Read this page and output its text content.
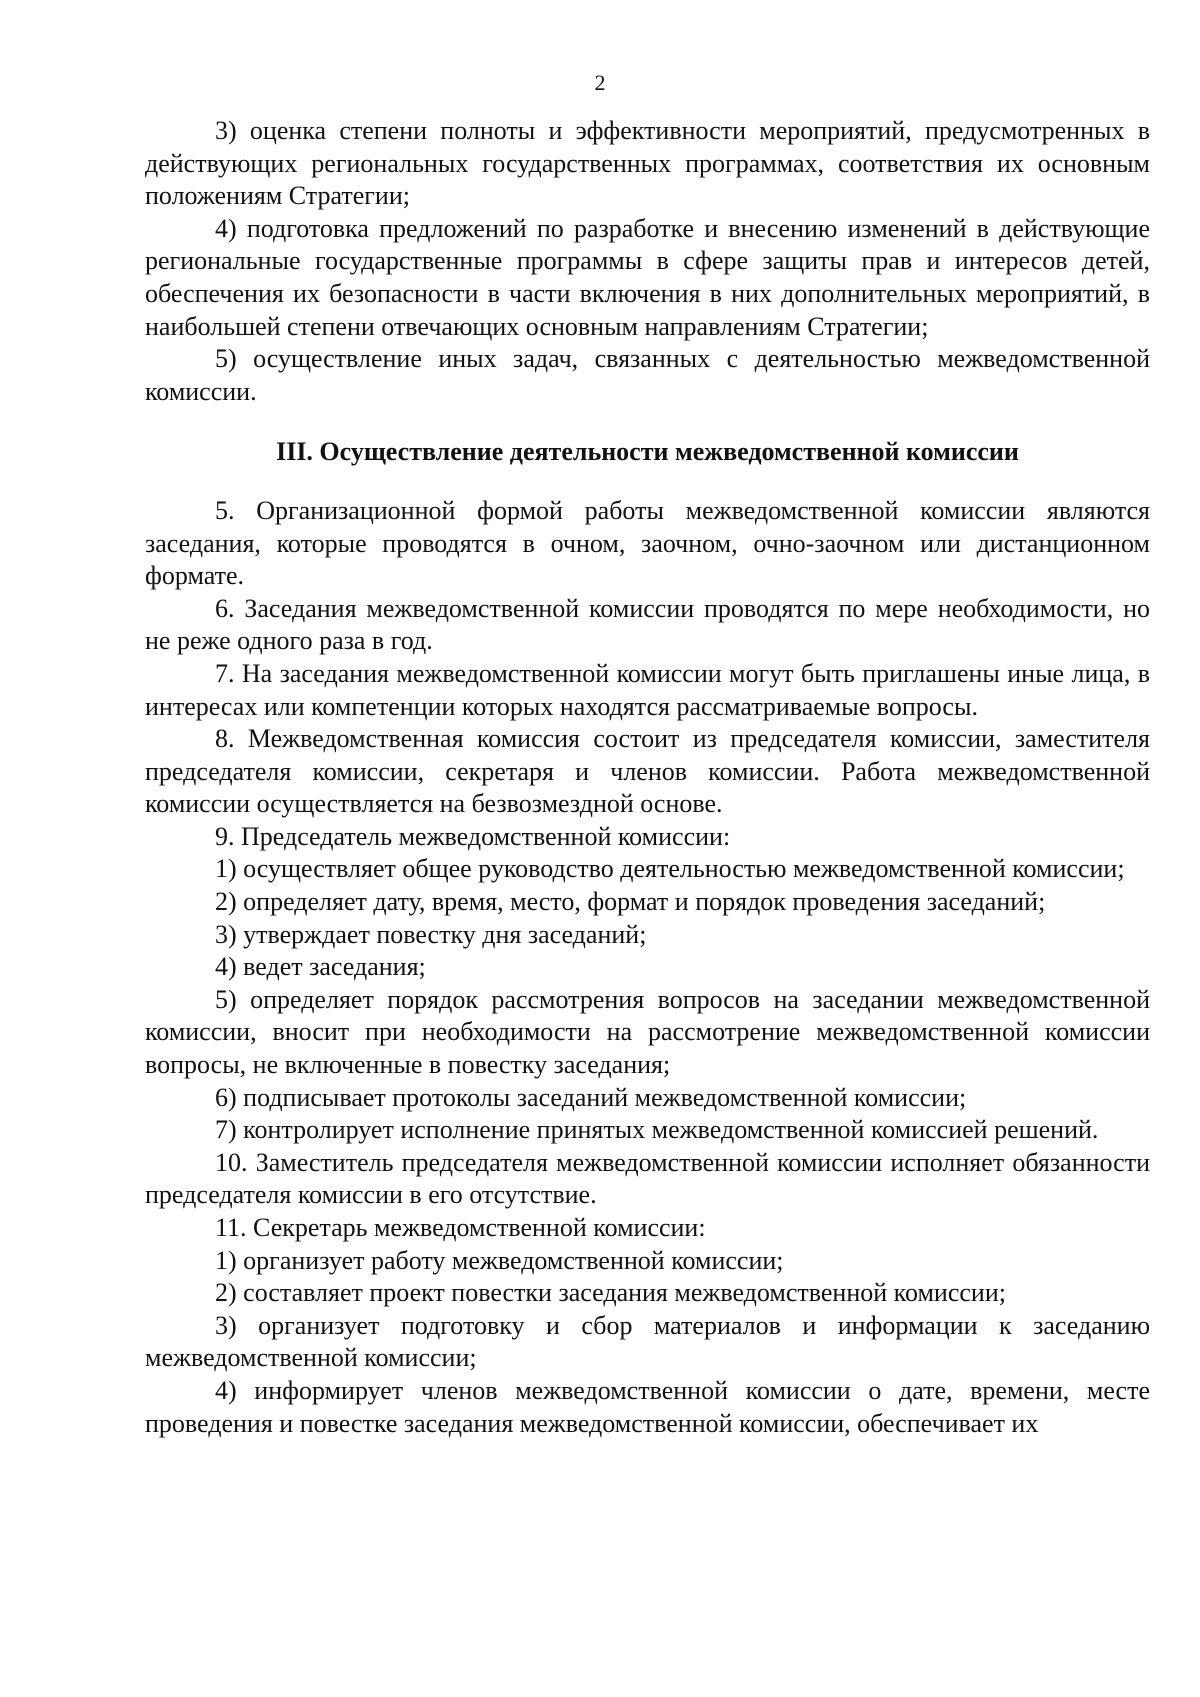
2

3) оценка степени полноты и эффективности мероприятий, предусмотренных в действующих региональных государственных программах, соответствия их основным положениям Стратегии;

4) подготовка предложений по разработке и внесению изменений в действующие региональные государственные программы в сфере защиты прав и интересов детей, обеспечения их безопасности в части включения в них дополнительных мероприятий, в наибольшей степени отвечающих основным направлениям Стратегии;

5) осуществление иных задач, связанных с деятельностью межведомственной комиссии.

III. Осуществление деятельности межведомственной комиссии

5. Организационной формой работы межведомственной комиссии являются заседания, которые проводятся в очном, заочном, очно-заочном или дистанционном формате.

6. Заседания межведомственной комиссии проводятся по мере необходимости, но не реже одного раза в год.

7. На заседания межведомственной комиссии могут быть приглашены иные лица, в интересах или компетенции которых находятся рассматриваемые вопросы.

8. Межведомственная комиссия состоит из председателя комиссии, заместителя председателя комиссии, секретаря и членов комиссии. Работа межведомственной комиссии осуществляется на безвозмездной основе.

9. Председатель межведомственной комиссии:

1) осуществляет общее руководство деятельностью межведомственной комиссии;

2) определяет дату, время, место, формат и порядок проведения заседаний;

3) утверждает повестку дня заседаний;

4) ведет заседания;

5) определяет порядок рассмотрения вопросов на заседании межведомственной комиссии, вносит при необходимости на рассмотрение межведомственной комиссии вопросы, не включенные в повестку заседания;

6) подписывает протоколы заседаний межведомственной комиссии;

7) контролирует исполнение принятых межведомственной комиссией решений.

10. Заместитель председателя межведомственной комиссии исполняет обязанности председателя комиссии в его отсутствие.

11. Секретарь межведомственной комиссии:

1) организует работу межведомственной комиссии;

2) составляет проект повестки заседания межведомственной комиссии;

3) организует подготовку и сбор материалов и информации к заседанию межведомственной комиссии;

4) информирует членов межведомственной комиссии о дате, времени, месте проведения и повестке заседания межведомственной комиссии, обеспечивает их
